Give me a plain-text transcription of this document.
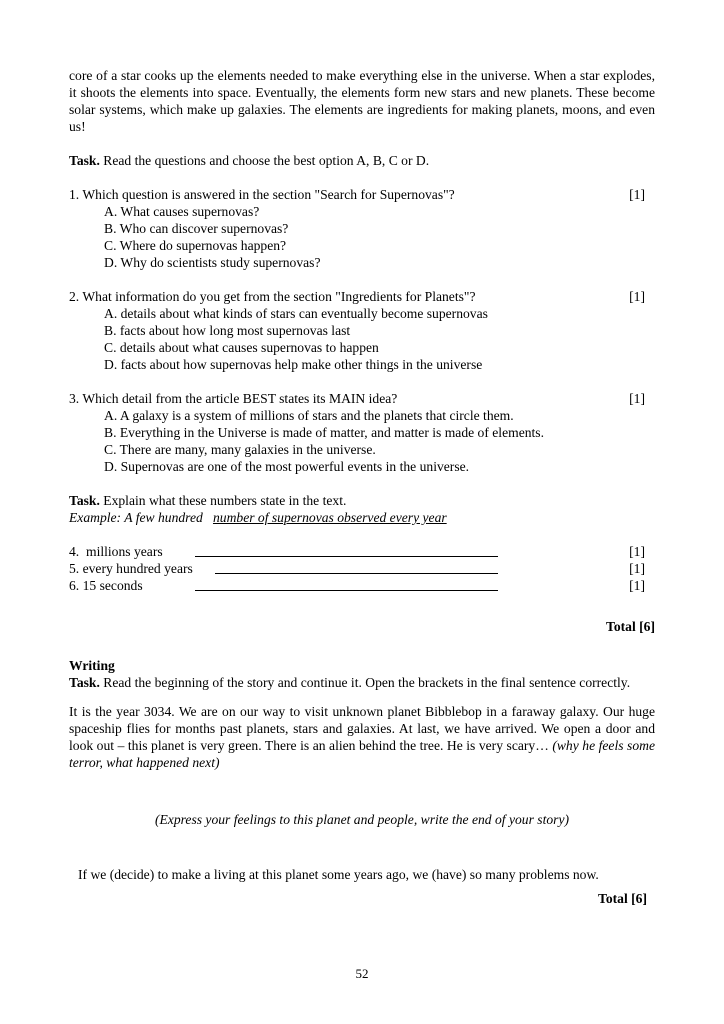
core of a star cooks up the elements needed to make everything else in the universe. When a star explodes, it shoots the elements into space. Eventually, the elements form new stars and new planets. These become solar systems, which make up galaxies. The elements are ingredients for making planets, moons, and even us!

Task. Read the questions and choose the best option A, B, C or D.

1. Which question is answered in the section "Search for Supernovas"?	[1]
A. What causes supernovas?
B. Who can discover supernovas?
C. Where do supernovas happen?
D. Why do scientists study supernovas?
2. What information do you get from the section "Ingredients for Planets"?	[1]
A. details about what kinds of stars can eventually become supernovas
B. facts about how long most supernovas last
C. details about what causes supernovas to happen
D. facts about how supernovas help make other things in the universe
3. Which detail from the article BEST states its MAIN idea?	[1]
A. A galaxy is a system of millions of stars and the planets that circle them.
B. Everything in the Universe is made of matter, and matter is made of elements.
C. There are many, many galaxies in the universe.
D. Supernovas are one of the most powerful events in the universe.

Task. Explain what these numbers state in the text.

Example: A few hundred number of supernovas observed every year

4.  millions years	[1]
5. every hundred years	[1]
6. 15 seconds	[1]

Total [6]

Writing

Task. Read the beginning of the story and continue it. Open the brackets in the final sentence correctly.

It is the year 3034. We are on our way to visit unknown planet Bibblebop in a faraway galaxy. Our huge spaceship flies for months past planets, stars and galaxies. At last, we have arrived. We open a door and look out – this planet is very green. There is an alien behind the tree. He is very scary… (why he feels some terror, what happened next)

(Express your feelings to this planet and people, write the end of your story)

If we (decide) to make a living at this planet some years ago, we (have) so many problems now.

Total [6]

52
